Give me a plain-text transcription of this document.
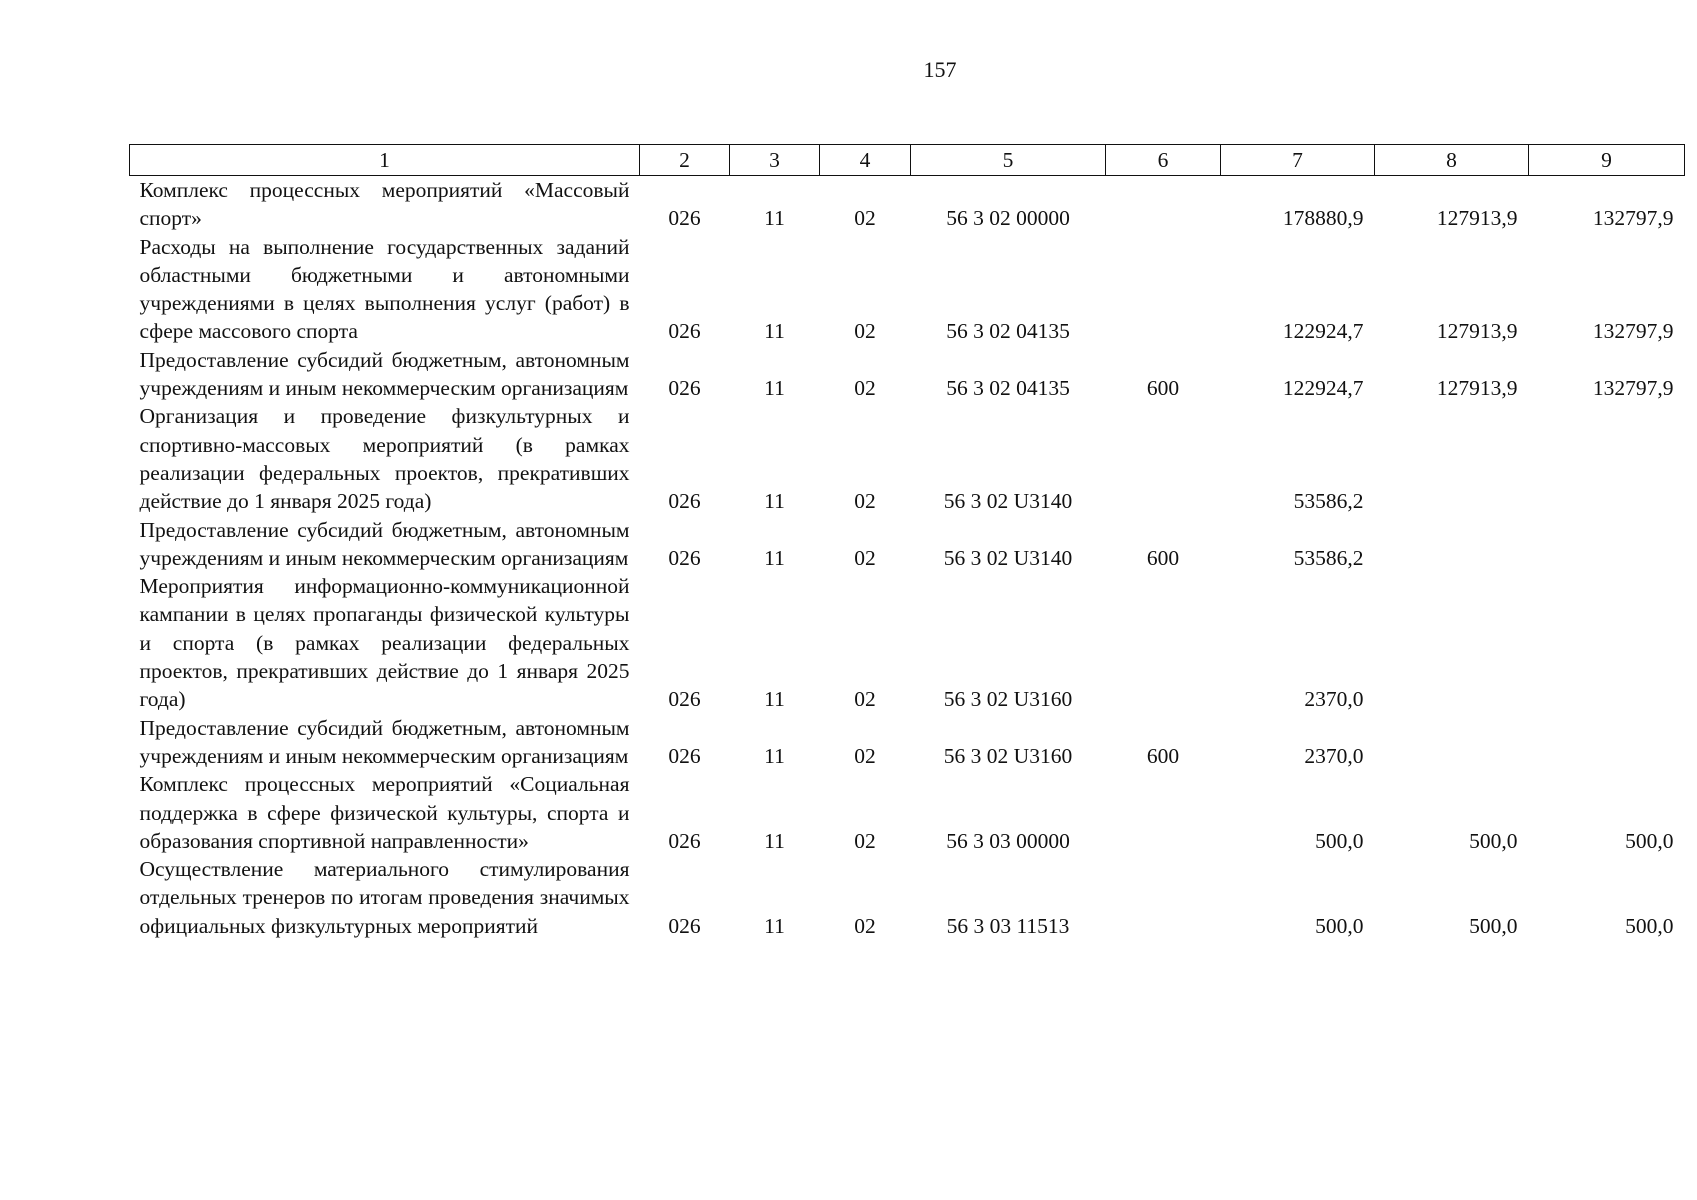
157
1	2	3	4	5	6	7	8	9
Комплекс процессных мероприятий «Массовый спорт»	026	11	02	56 3 02 00000		178880,9	127913,9	132797,9
Расходы на выполнение государственных заданий областными бюджетными и автономными учреждениями в целях выполнения услуг (работ) в сфере массового спорта	026	11	02	56 3 02 04135		122924,7	127913,9	132797,9
Предоставление субсидий бюджетным, автономным учреждениям и иным некоммерческим организациям	026	11	02	56 3 02 04135	600	122924,7	127913,9	132797,9
Организация и проведение физкультурных и спортивно-массовых мероприятий (в рамках реализации федеральных проектов, прекративших действие до 1 января 2025 года)	026	11	02	56 3 02 U3140		53586,2		
Предоставление субсидий бюджетным, автономным учреждениям и иным некоммерческим организациям	026	11	02	56 3 02 U3140	600	53586,2		
Мероприятия информационно-коммуникационной кампании в целях пропаганды физической культуры и спорта (в рамках реализации федеральных проектов, прекративших действие до 1 января 2025 года)	026	11	02	56 3 02 U3160		2370,0		
Предоставление субсидий бюджетным, автономным учреждениям и иным некоммерческим организациям	026	11	02	56 3 02 U3160	600	2370,0		
Комплекс процессных мероприятий «Социальная поддержка в сфере физической культуры, спорта и образования спортивной направленности»	026	11	02	56 3 03 00000		500,0	500,0	500,0
Осуществление материального стимулирования отдельных тренеров по итогам проведения значимых официальных физкультурных мероприятий	026	11	02	56 3 03 11513		500,0	500,0	500,0
